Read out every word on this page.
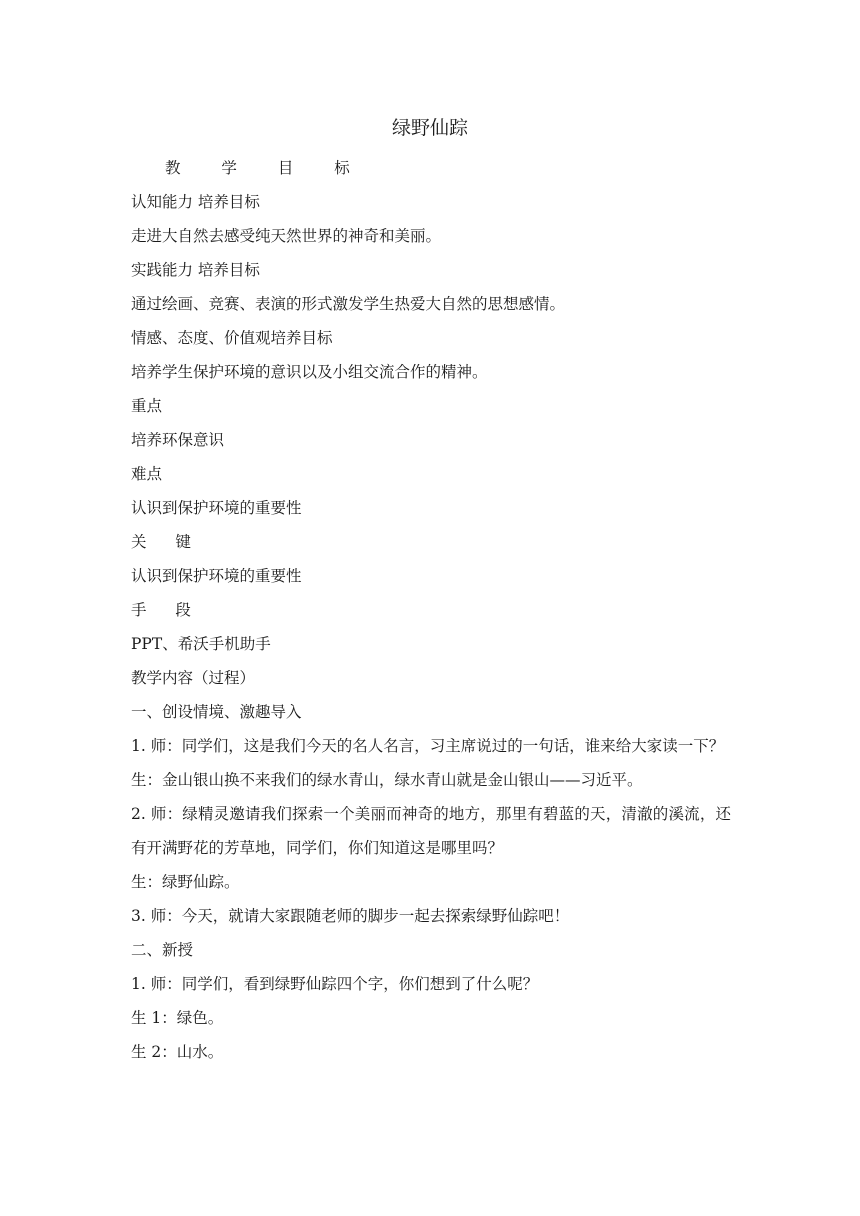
绿野仙踪
教 学 目 标
认知能力 培养目标
走进大自然去感受纯天然世界的神奇和美丽。
实践能力 培养目标
通过绘画、竞赛、表演的形式激发学生热爱大自然的思想感情。
情感、态度、价值观培养目标
培养学生保护环境的意识以及小组交流合作的精神。
重点
培养环保意识
难点
认识到保护环境的重要性
关 键
认识到保护环境的重要性
手 段
PPT、希沃手机助手
教学内容（过程）
一、创设情境、激趣导入
1. 师：同学们，这是我们今天的名人名言，习主席说过的一句话，谁来给大家读一下？
生：金山银山换不来我们的绿水青山，绿水青山就是金山银山——习近平。
2. 师：绿精灵邀请我们探索一个美丽而神奇的地方，那里有碧蓝的天，清澈的溪流，还有开满野花的芳草地，同学们，你们知道这是哪里吗？
生：绿野仙踪。
3. 师：今天，就请大家跟随老师的脚步一起去探索绿野仙踪吧！
二、新授
1. 师：同学们，看到绿野仙踪四个字，你们想到了什么呢？
生 1：绿色。
生 2：山水。
